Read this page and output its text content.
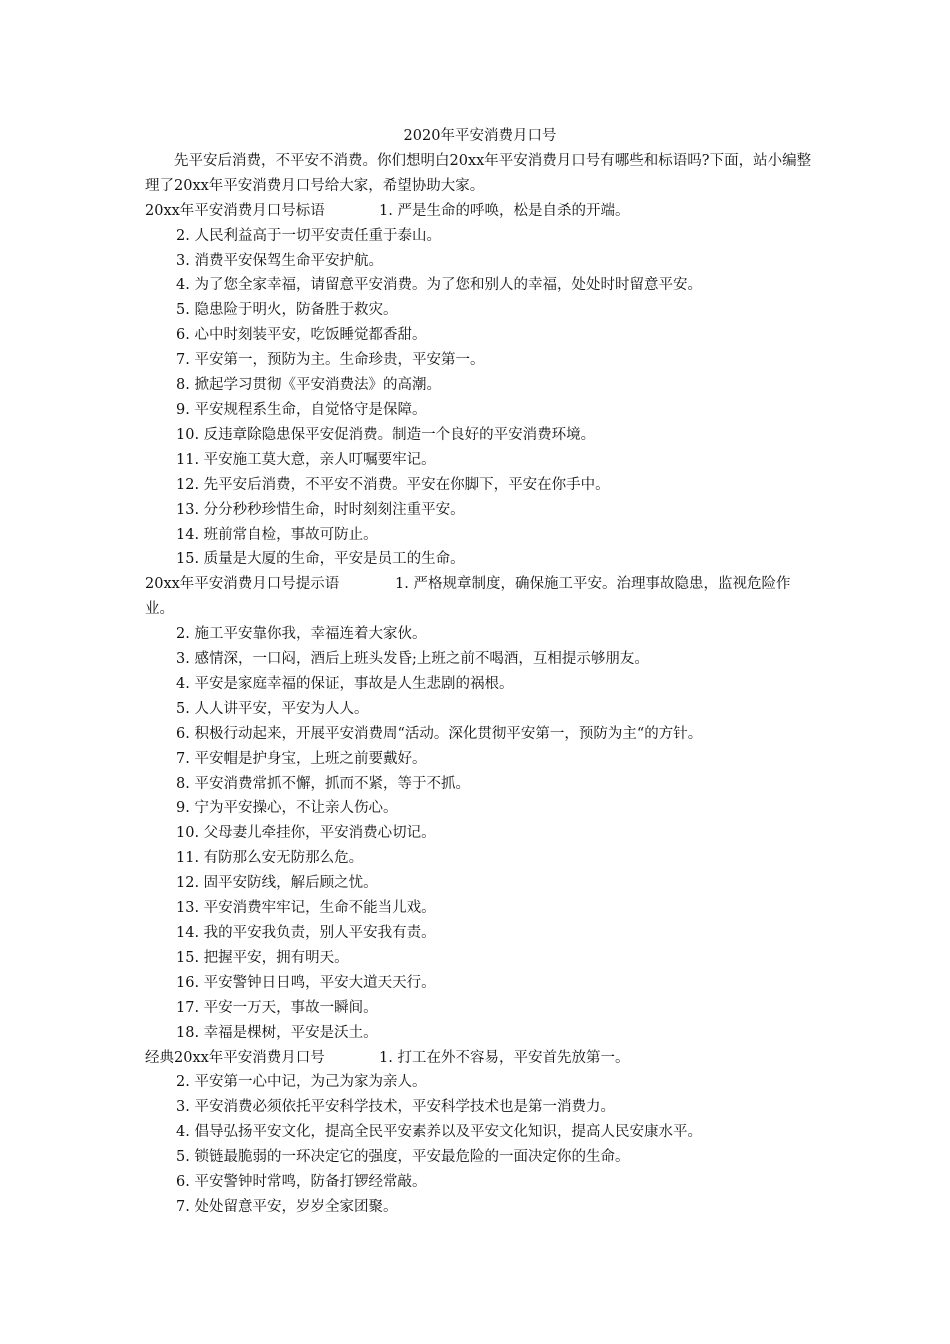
2020年平安消费月口号

先平安后消费，不平安不消费。你们想明白20xx年平安消费月口号有哪些和标语吗?下面，站小编整理了20xx年平安消费月口号给大家，希望协助大家。

20xx年平安消费月口号标语	1. 严是生命的呼唤，松是自杀的开端。

2. 人民利益高于一切平安责任重于泰山。

3. 消费平安保驾生命平安护航。

4. 为了您全家幸福，请留意平安消费。为了您和别人的幸福，处处时时留意平安。

5. 隐患险于明火，防备胜于救灾。

6. 心中时刻装平安，吃饭睡觉都香甜。

7. 平安第一，预防为主。生命珍贵，平安第一。

8. 掀起学习贯彻《平安消费法》的高潮。

9. 平安规程系生命，自觉恪守是保障。

10. 反违章除隐患保平安促消费。制造一个良好的平安消费环境。

11. 平安施工莫大意，亲人叮嘱要牢记。

12. 先平安后消费，不平安不消费。平安在你脚下，平安在你手中。

13. 分分秒秒珍惜生命，时时刻刻注重平安。

14. 班前常自检，事故可防止。

15. 质量是大厦的生命，平安是员工的生命。

20xx年平安消费月口号提示语	1. 严格规章制度，确保施工平安。治理事故隐患，监视危险作业。

2. 施工平安靠你我，幸福连着大家伙。

3. 感情深，一口闷，酒后上班头发昏;上班之前不喝酒，互相提示够朋友。

4. 平安是家庭幸福的保证，事故是人生悲剧的祸根。

5. 人人讲平安，平安为人人。

6. 积极行动起来，开展平安消费周“活动。深化贯彻平安第一，预防为主“的方针。

7. 平安帽是护身宝，上班之前要戴好。

8. 平安消费常抓不懈，抓而不紧，等于不抓。

9. 宁为平安操心，不让亲人伤心。

10. 父母妻儿牵挂你，平安消费心切记。

11. 有防那么安无防那么危。

12. 固平安防线，解后顾之忧。

13. 平安消费牢牢记，生命不能当儿戏。

14. 我的平安我负责，别人平安我有责。

15. 把握平安，拥有明天。

16. 平安警钟日日鸣，平安大道天天行。

17. 平安一万天，事故一瞬间。

18. 幸福是棵树，平安是沃土。

经典20xx年平安消费月口号	1. 打工在外不容易，平安首先放第一。

2. 平安第一心中记，为己为家为亲人。

3. 平安消费必须依托平安科学技术，平安科学技术也是第一消费力。

4. 倡导弘扬平安文化，提高全民平安素养以及平安文化知识，提高人民安康水平。

5. 锁链最脆弱的一环决定它的强度，平安最危险的一面决定你的生命。

6. 平安警钟时常鸣，防备打锣经常敲。

7. 处处留意平安，岁岁全家团聚。
